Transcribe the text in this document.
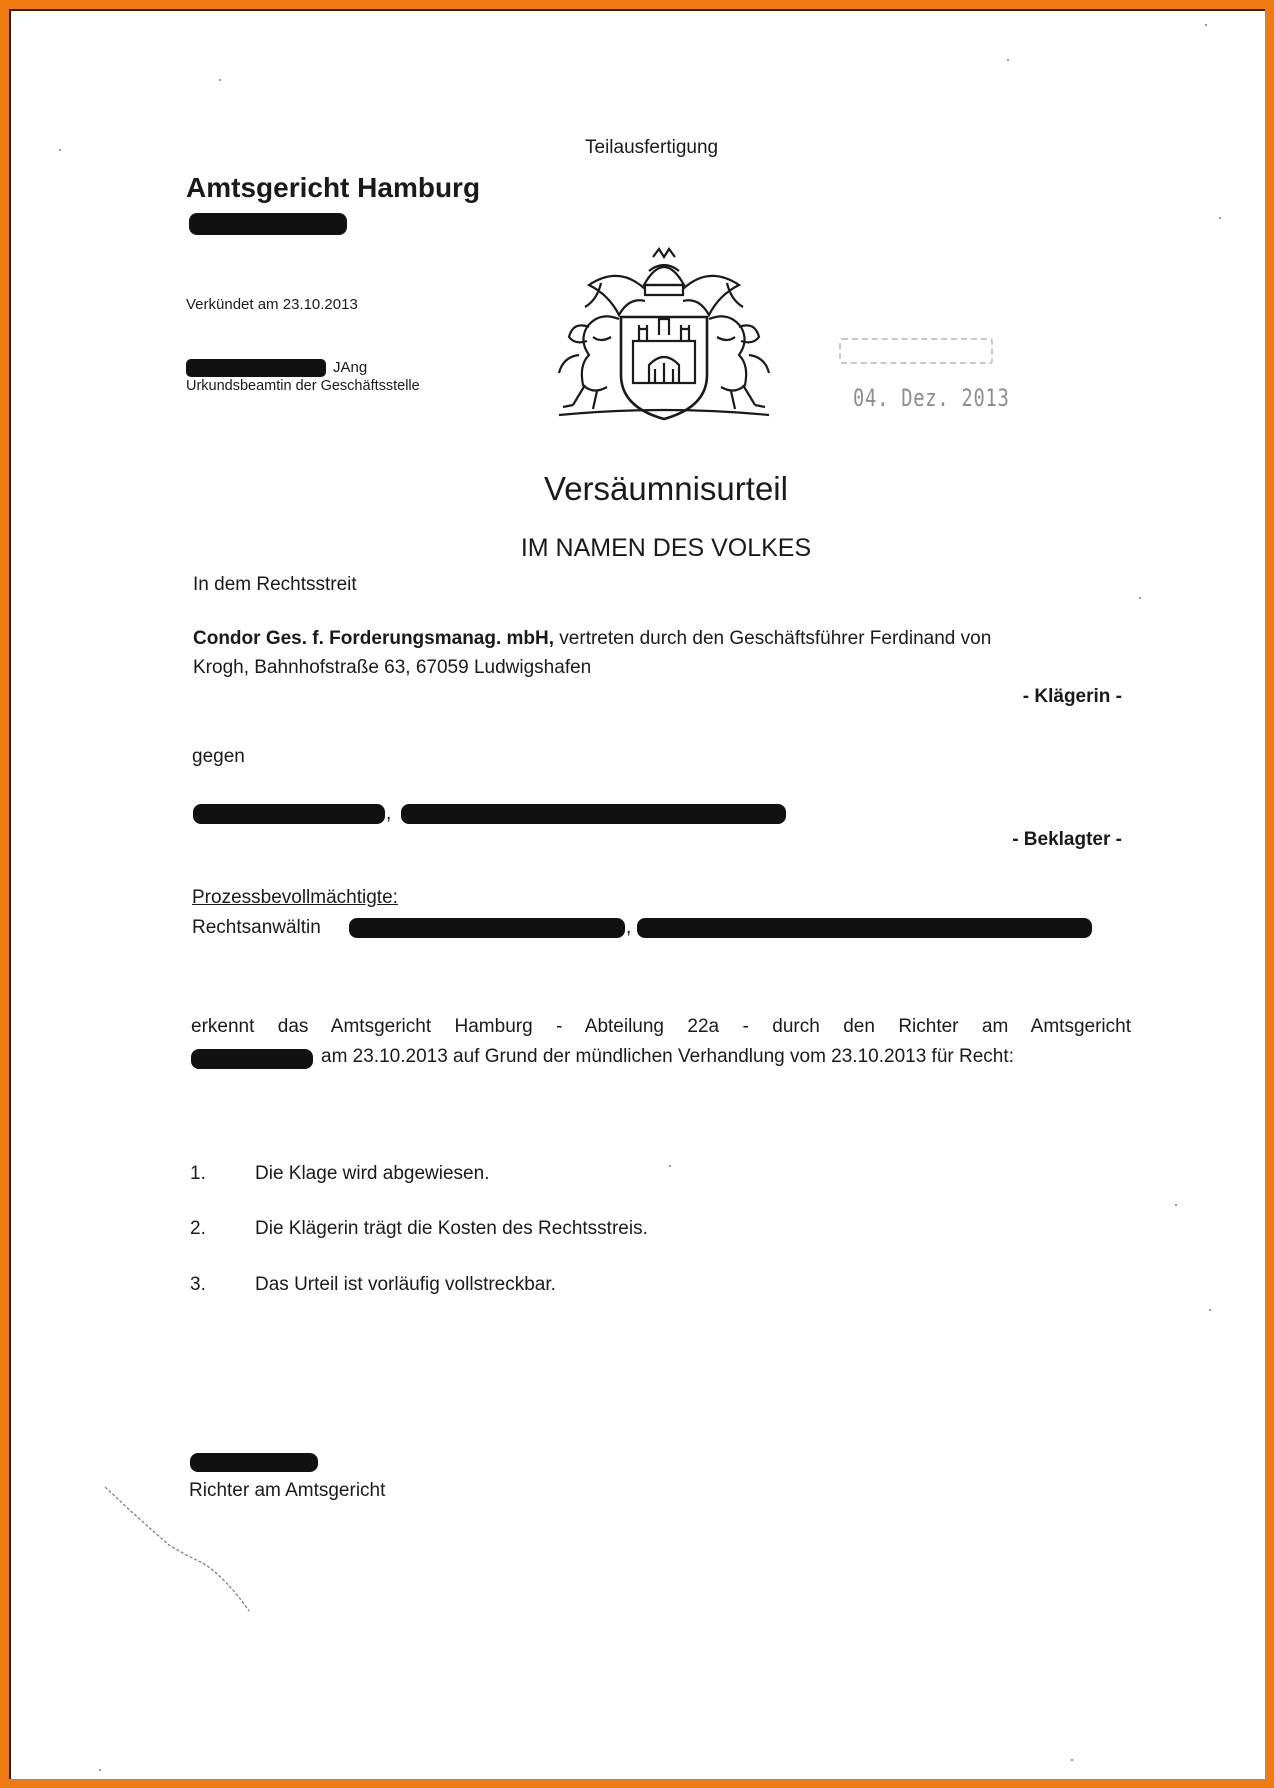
Teilausfertigung
Amtsgericht Hamburg
Verkündet am 23.10.2013
JAng
Urkundsbeamtin der Geschäftsstelle	04. Dez. 2013
Versäumnisurteil
IM NAMEN DES VOLKES
In dem Rechtsstreit
Condor Ges. f. Forderungsmanag. mbH, vertreten durch den Geschäftsführer Ferdinand von
Krogh, Bahnhofstraße 63, 67059 Ludwigshafen
- Klägerin -
gegen
,
- Beklagter -
Prozessbevollmächtigte:
Rechtsanwältin	,
erkennt das Amtsgericht Hamburg - Abteilung 22a - durch den Richter am Amtsgericht
am 23.10.2013 auf Grund der mündlichen Verhandlung vom 23.10.2013 für Recht:
1.	Die Klage wird abgewiesen.
2.	Die Klägerin trägt die Kosten des Rechtsstreis.
3.	Das Urteil ist vorläufig vollstreckbar.
Richter am Amtsgericht
